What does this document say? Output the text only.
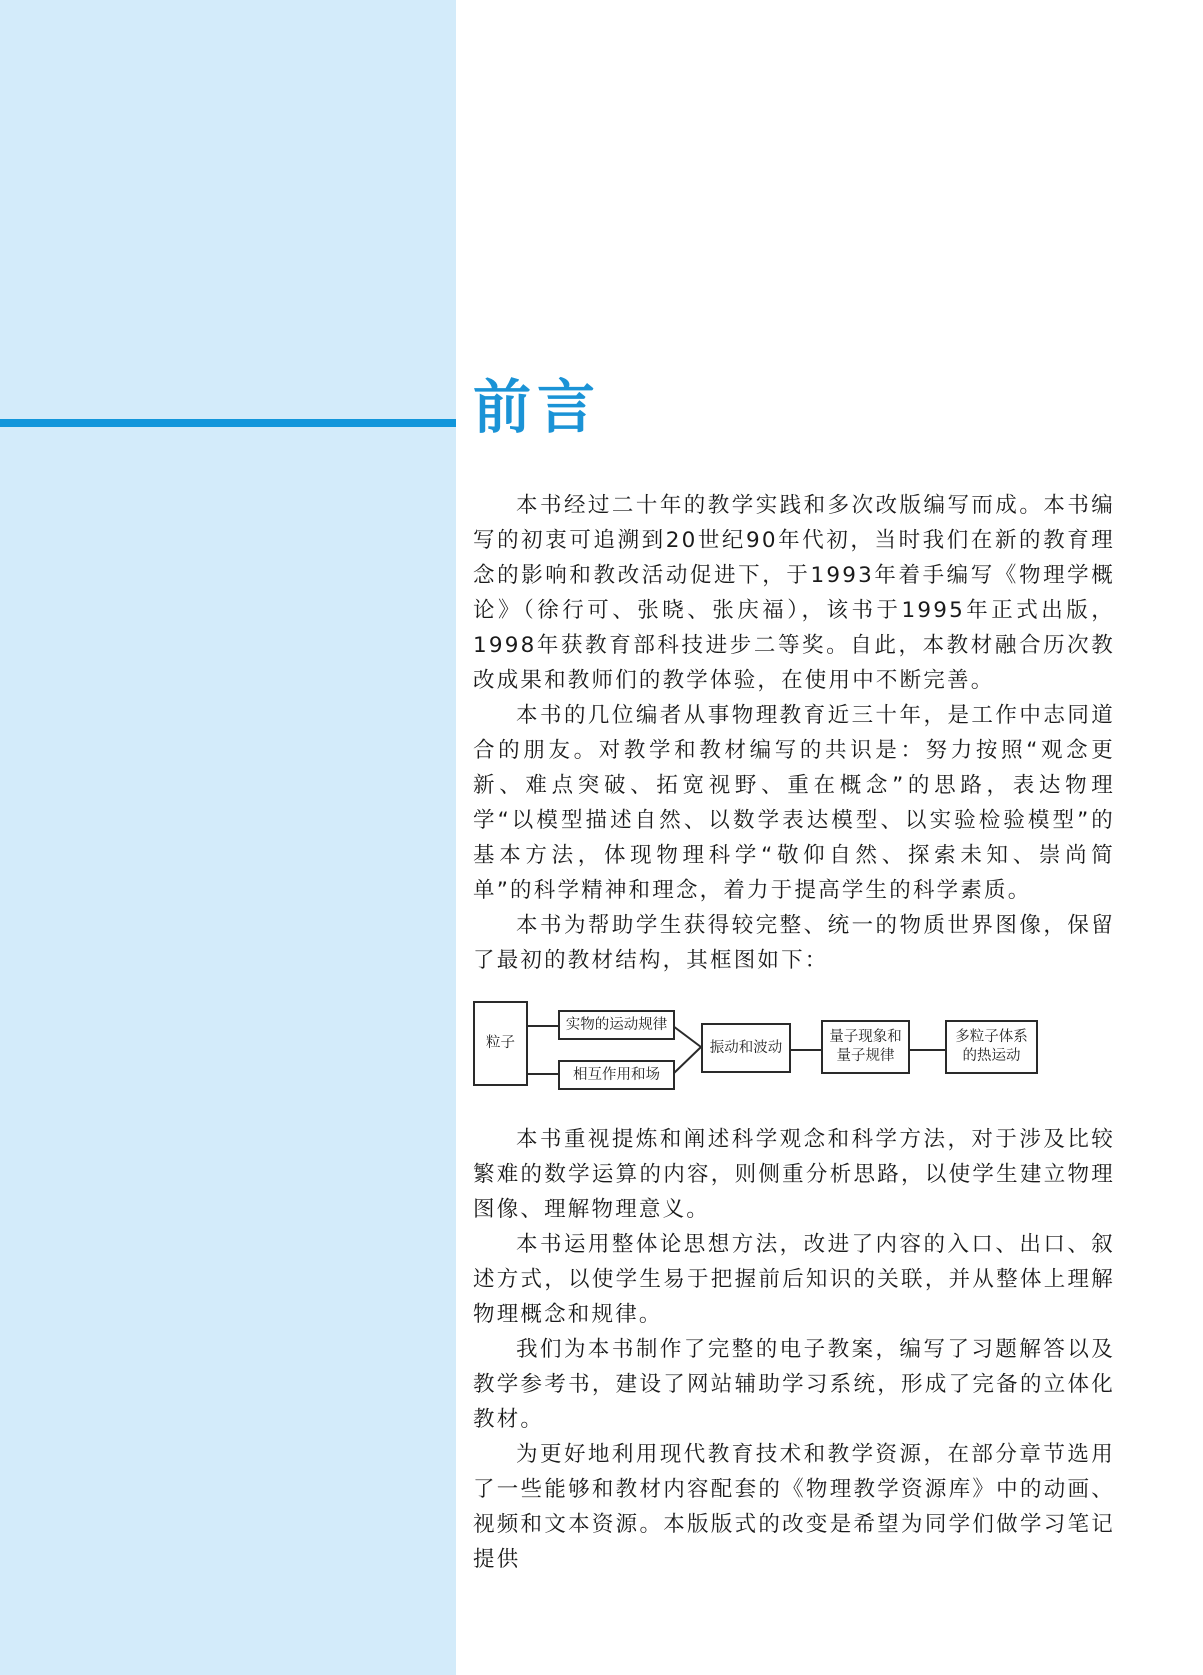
前言

本书经过二十年的教学实践和多次改版编写而成。本书编写的初衷可追溯到20世纪90年代初，当时我们在新的教育理念的影响和教改活动促进下，于1993年着手编写《物理学概论》（徐行可、张晓、张庆福），该书于1995年正式出版，1998年获教育部科技进步二等奖。自此，本教材融合历次教改成果和教师们的教学体验，在使用中不断完善。

本书的几位编者从事物理教育近三十年，是工作中志同道合的朋友。对教学和教材编写的共识是：努力按照“观念更新、难点突破、拓宽视野、重在概念”的思路，表达物理学“以模型描述自然、以数学表达模型、以实验检验模型”的基本方法，体现物理科学“敬仰自然、探索未知、崇尚简单”的科学精神和理念，着力于提高学生的科学素质。

本书为帮助学生获得较完整、统一的物质世界图像，保留了最初的教材结构，其框图如下：

粒子
实物的运动规律
相互作用和场
振动和波动
量子现象和
量子规律
多粒子体系
的热运动

本书重视提炼和阐述科学观念和科学方法，对于涉及比较繁难的数学运算的内容，则侧重分析思路，以使学生建立物理图像、理解物理意义。

本书运用整体论思想方法，改进了内容的入口、出口、叙述方式，以使学生易于把握前后知识的关联，并从整体上理解物理概念和规律。

我们为本书制作了完整的电子教案，编写了习题解答以及教学参考书，建设了网站辅助学习系统，形成了完备的立体化教材。

为更好地利用现代教育技术和教学资源，在部分章节选用了一些能够和教材内容配套的《物理教学资源库》中的动画、视频和文本资源。本版版式的改变是希望为同学们做学习笔记提供
